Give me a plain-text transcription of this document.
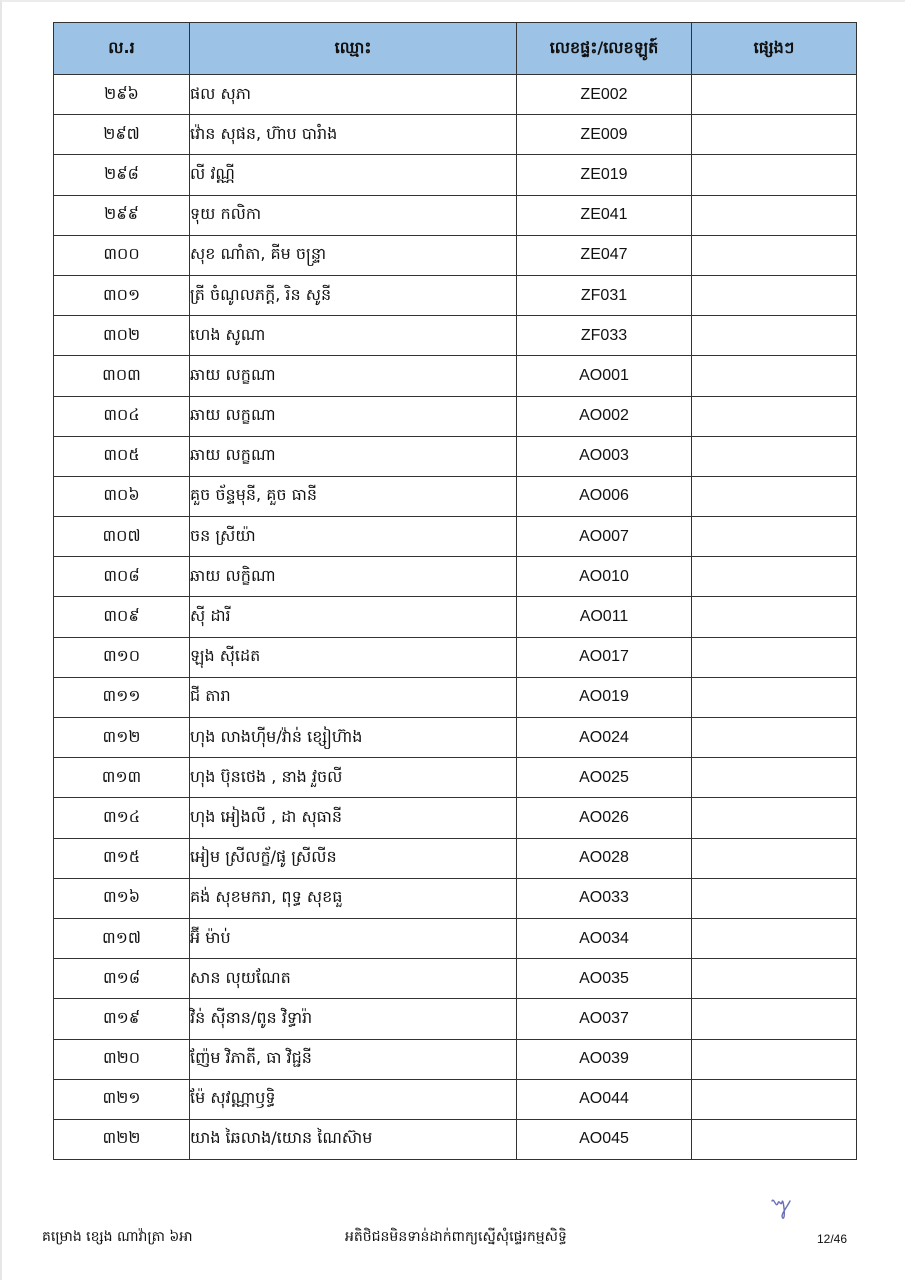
ល.រ	ឈ្មោះ	លេខផ្ទះ/លេខឡូត៍	ផ្សេងៗ
២៩៦	ផល សុភា	ZE002	
២៩៧	វ៉ោន សុផន, ហ៊ាប បារំាង	ZE009	
២៩៨	លី វណ្ណី	ZE019	
២៩៩	ទុយ កលិកា	ZE041	
៣០០	សុខ ណាំតា, គីម ចន្រ្ទា	ZE047	
៣០១	ត្រី ចំណូលភក្តី, រិន សូនី	ZF031	
៣០២	ហេង សូណា	ZF033	
៣០៣	ឆាយ លក្ខណា	AO001	
៣០៤	ឆាយ លក្ខណា	AO002	
៣០៥	ឆាយ លក្ខណា	AO003	
៣០៦	គួច ច័ន្ទមុនី, គួច ធានី	AO006	
៣០៧	ចន ស្រីយ៉ា	AO007	
៣០៨	ឆាយ លក្ខិណា	AO010	
៣០៩	ស៊ី ដារី	AO011	
៣១០	ឡុង ស៊ីដេត	AO017	
៣១១	ជី តារា	AO019	
៣១២	ហុង លាងហ៊ីម/វ៉ាន់ ខ្សៀហ៊ាង	AO024	
៣១៣	ហុង ប៊ុនថេង , នាង វួចលី	AO025	
៣១៤	ហុង អៀងលី , ដា សុធានី	AO026	
៣១៥	អៀម ស្រីលក្ខ័/ផូ ស្រីលីន	AO028	
៣១៦	គង់ សុខមករា, ពុទ្ធ សុខធួ	AO033	
៣១៧	អ៊ី ម៉ាប់	AO034	
៣១៨	សាន លុយណែត	AO035	
៣១៩	វិន់ ស៊ីនាន/ពូន វិទ្ធារ៉ា	AO037	
៣២០	ញ៉ែម វិភាតី, ធា វិជ្ជនី	AO039	
៣២១	ម៉ែ សុវណ្ណាឫទ្ធិ	AO044	
៣២២	យាង ឆៃលាង/យោន ណៃស៊ាម	AO045	
គម្រោង ខ្សេង ណាវ៉ាត្រា ៦អា	អតិថិជនមិនទាន់ដាក់ពាក្យស្នើសុំផ្ទេរកម្មសិទ្ធិ	12/46
